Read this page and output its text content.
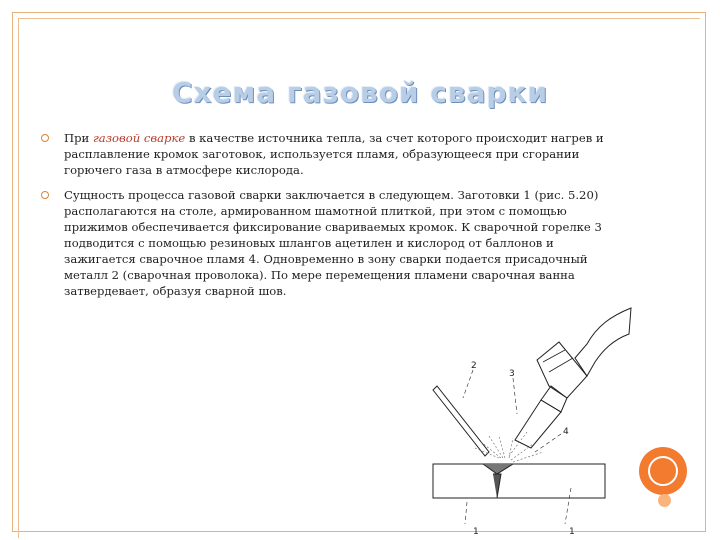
Схема газовой сварки
При газовой сварке в качестве источника тепла, за счет которого происходит нагрев и расплавление кромок заготовок, используется пламя, образующееся при сгорании горючего газа в атмосфере кислорода.
Сущность процесса газовой сварки заключается в следующем. Заготовки 1 (рис. 5.20) располагаются на столе, армированном шамотной плиткой, при этом с помощью прижимов обеспечивается фиксирование свариваемых кромок. К сварочной горелке 3 подводится с помощью резиновых шлангов ацетилен и кислород от баллонов и зажигается сварочное пламя 4. Одновременно в зону сварки подается присадочный металл 2 (сварочная проволока). По мере перемещения пламени сварочная ванна затвердевает, образуя сварной шов.
2
3
4
1	1
